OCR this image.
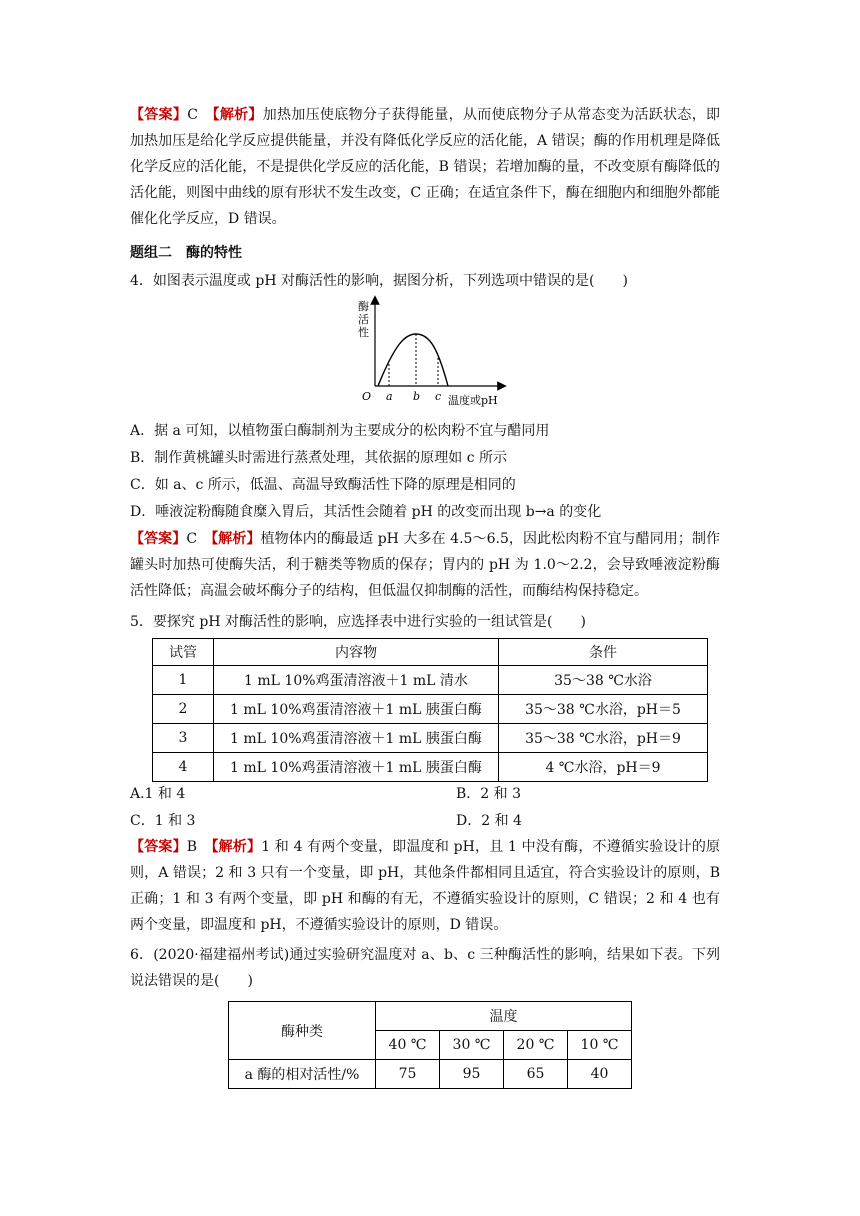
【答案】C　 【解析】加热加压使底物分子获得能量，从而使底物分子从常态变为活跃状态，即加热加压是给化学反应提供能量，并没有降低化学反应的活化能，A 错误；酶的作用机理是降低化学反应的活化能，不是提供化学反应的活化能，B 错误；若增加酶的量，不改变原有酶降低的活化能，则图中曲线的原有形状不发生改变，C 正确；在适宜条件下，酶在细胞内和细胞外都能催化化学反应，D 错误。
题组二　酶的特性
4．如图表示温度或 pH 对酶活性的影响，据图分析，下列选项中错误的是(　　)
酶
活
性
O a b c 温度或pH
A．据 a 可知，以植物蛋白酶制剂为主要成分的松肉粉不宜与醋同用
B．制作黄桃罐头时需进行蒸煮处理，其依据的原理如 c 所示
C．如 a、c 所示，低温、高温导致酶活性下降的原理是相同的
D．唾液淀粉酶随食糜入胃后，其活性会随着 pH 的改变而出现 b→a 的变化
【答案】C　 【解析】植物体内的酶最适 pH 大多在 4.5～6.5，因此松肉粉不宜与醋同用；制作罐头时加热可使酶失活，利于糖类等物质的保存；胃内的 pH 为 1.0～2.2，会导致唾液淀粉酶活性降低；高温会破坏酶分子的结构，但低温仅抑制酶的活性，而酶结构保持稳定。
5．要探究 pH 对酶活性的影响，应选择表中进行实验的一组试管是(　　)
试管	内容物	条件
1	1 mL 10%鸡蛋清溶液＋1 mL 清水	35～38 ℃水浴
2	1 mL 10%鸡蛋清溶液＋1 mL 胰蛋白酶	35～38 ℃水浴，pH＝5
3	1 mL 10%鸡蛋清溶液＋1 mL 胰蛋白酶	35～38 ℃水浴，pH＝9
4	1 mL 10%鸡蛋清溶液＋1 mL 胰蛋白酶	4 ℃水浴，pH＝9
A.1 和 4	B．2 和 3
C．1 和 3	D．2 和 4
【答案】B　 【解析】1 和 4 有两个变量，即温度和 pH，且 1 中没有酶，不遵循实验设计的原则，A 错误；2 和 3 只有一个变量，即 pH，其他条件都相同且适宜，符合实验设计的原则，B 正确；1 和 3 有两个变量，即 pH 和酶的有无，不遵循实验设计的原则，C 错误；2 和 4 也有两个变量，即温度和 pH，不遵循实验设计的原则，D 错误。
6．(2020·福建福州考试)通过实验研究温度对 a、b、c 三种酶活性的影响，结果如下表。下列说法错误的是(　　)
酶种类	温度			
	40 ℃	30 ℃	20 ℃	10 ℃
a 酶的相对活性/%	75	95	65	40
